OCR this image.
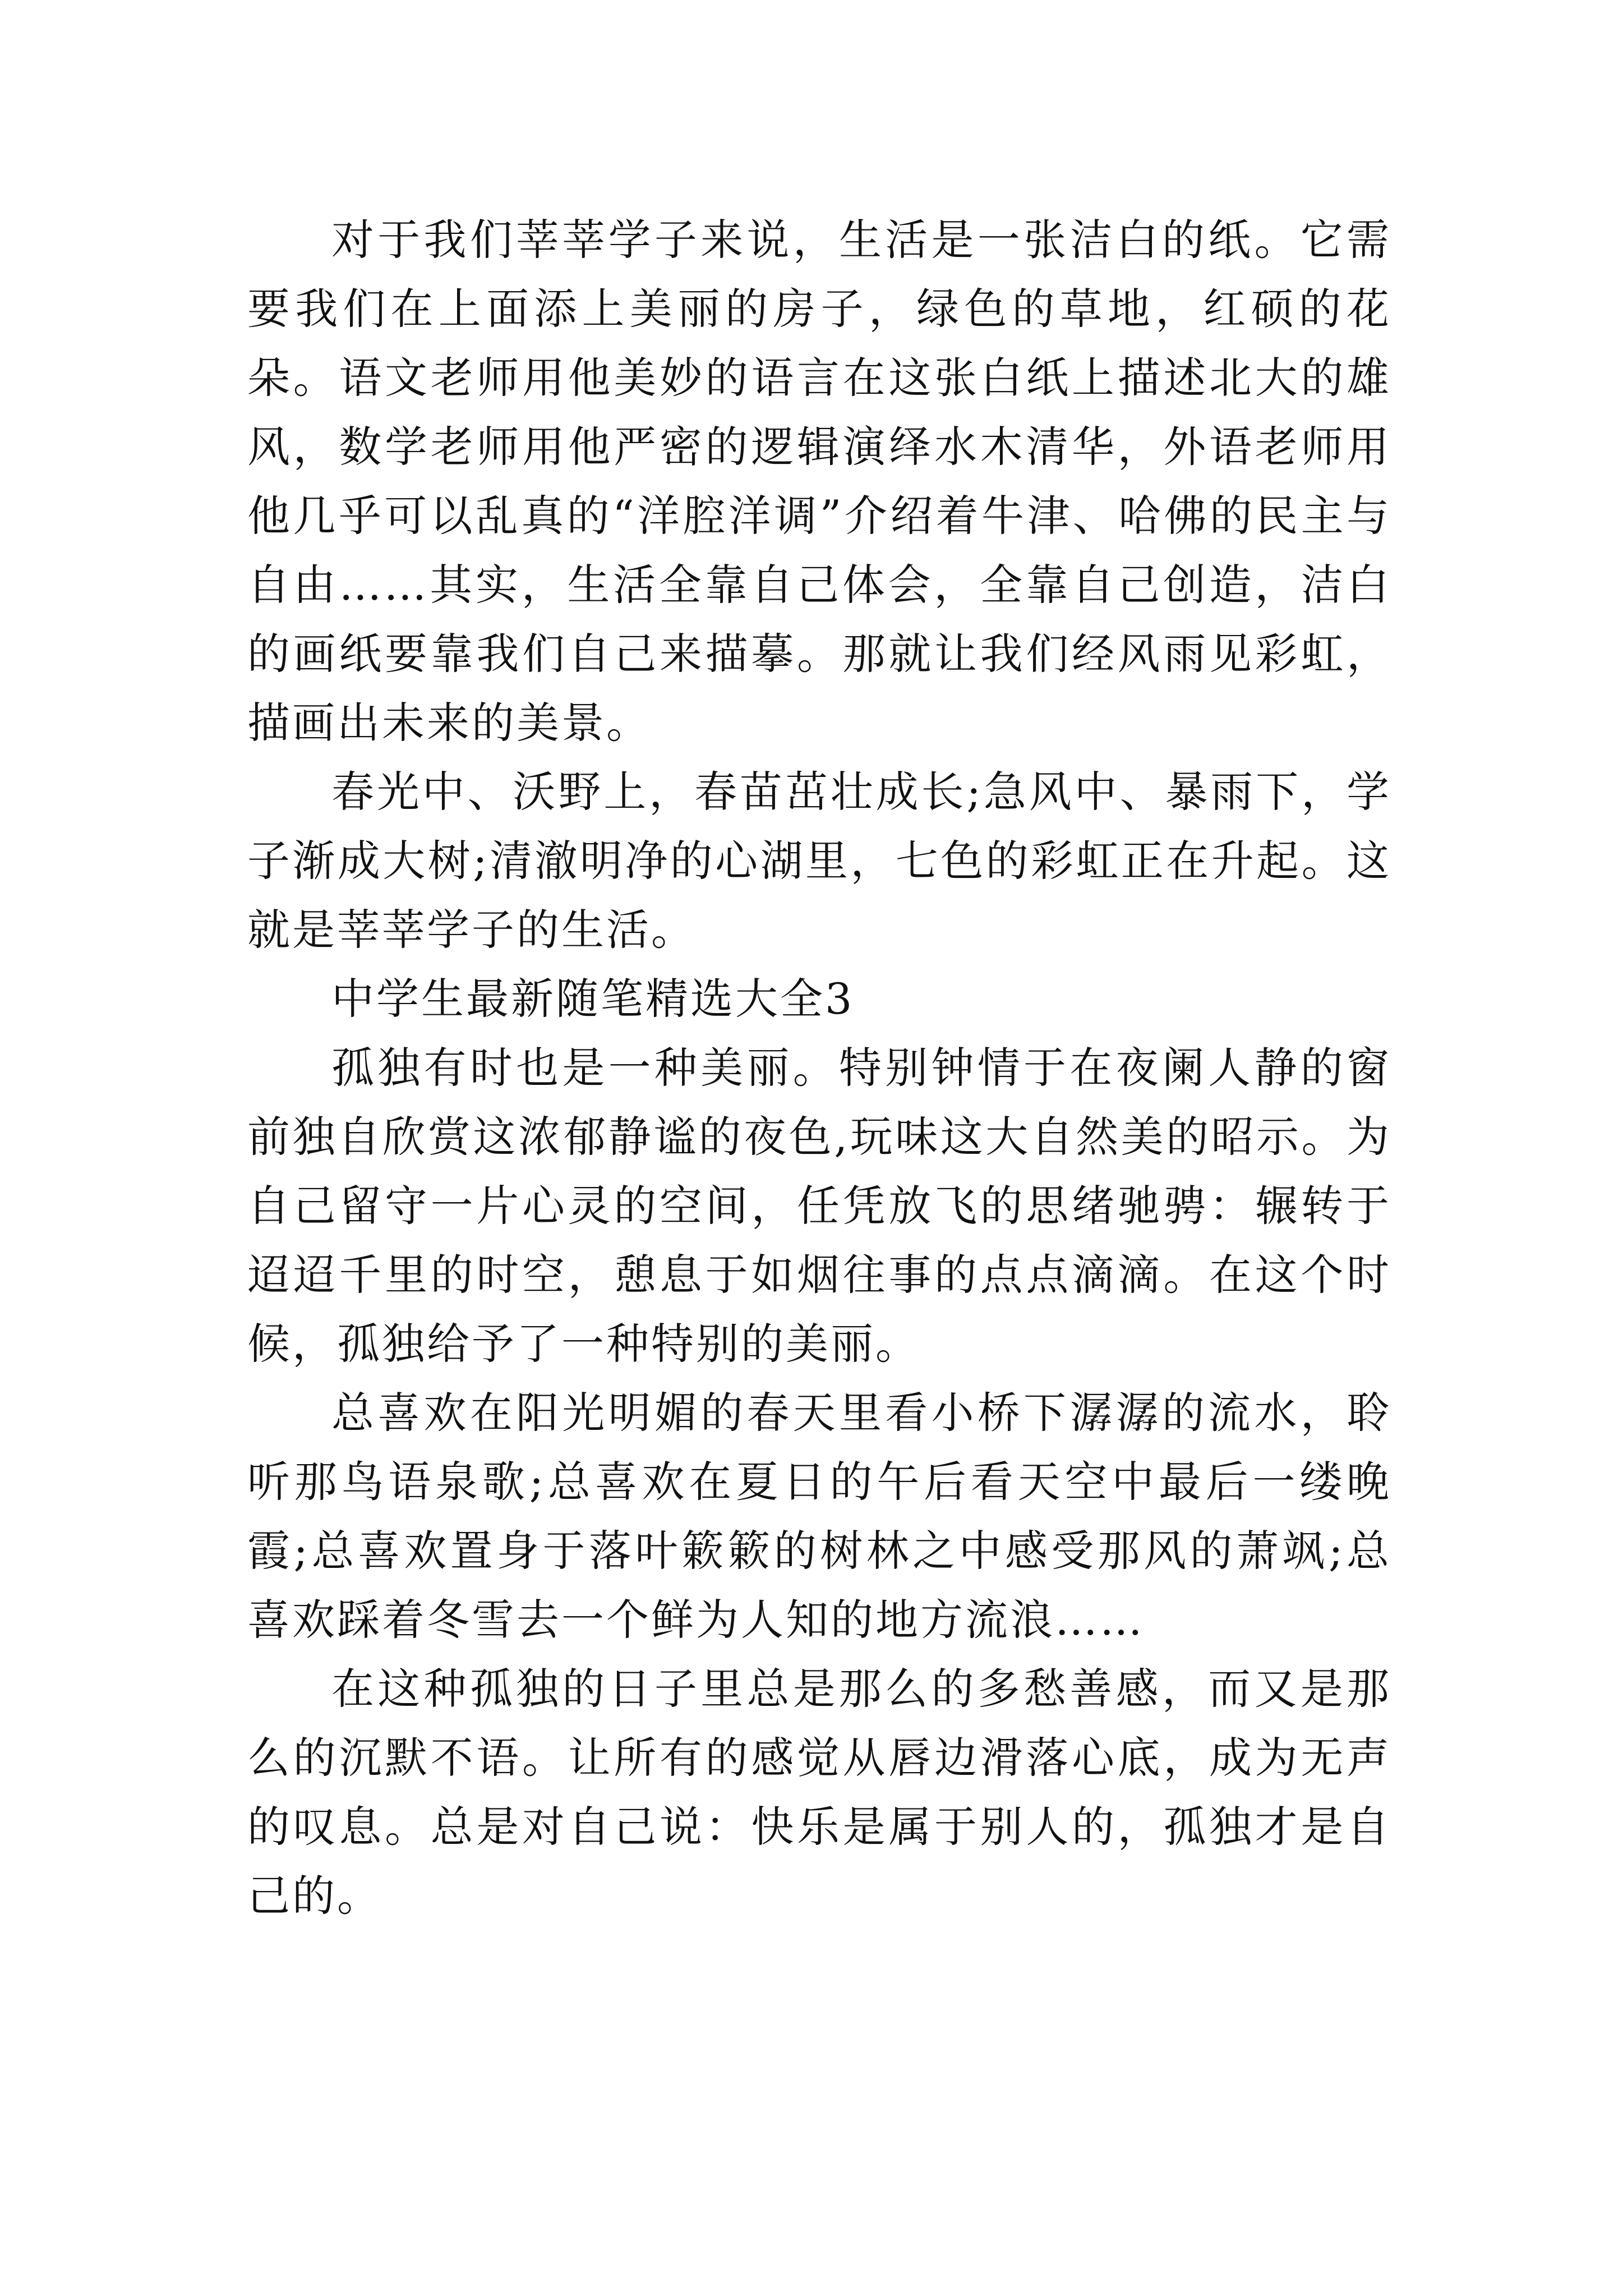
对于我们莘莘学子来说，生活是一张洁白的纸。它需要我们在上面添上美丽的房子，绿色的草地，红硕的花朵。语文老师用他美妙的语言在这张白纸上描述北大的雄风，数学老师用他严密的逻辑演绎水木清华，外语老师用他几乎可以乱真的“洋腔洋调”介绍着牛津、哈佛的民主与自由……其实，生活全靠自己体会，全靠自己创造，洁白的画纸要靠我们自己来描摹。那就让我们经风雨见彩虹，描画出未来的美景。

春光中、沃野上，春苗茁壮成长;急风中、暴雨下，学子渐成大树;清澈明净的心湖里，七色的彩虹正在升起。这就是莘莘学子的生活。

中学生最新随笔精选大全3

孤独有时也是一种美丽。特别钟情于在夜阑人静的窗前独自欣赏这浓郁静谧的夜色,玩味这大自然美的昭示。为自己留守一片心灵的空间，任凭放飞的思绪驰骋：辗转于迢迢千里的时空，憩息于如烟往事的点点滴滴。在这个时候，孤独给予了一种特别的美丽。

总喜欢在阳光明媚的春天里看小桥下潺潺的流水，聆听那鸟语泉歌;总喜欢在夏日的午后看天空中最后一缕晚霞;总喜欢置身于落叶簌簌的树林之中感受那风的萧飒;总喜欢踩着冬雪去一个鲜为人知的地方流浪……

在这种孤独的日子里总是那么的多愁善感，而又是那么的沉默不语。让所有的感觉从唇边滑落心底，成为无声的叹息。总是对自己说：快乐是属于别人的，孤独才是自己的。
